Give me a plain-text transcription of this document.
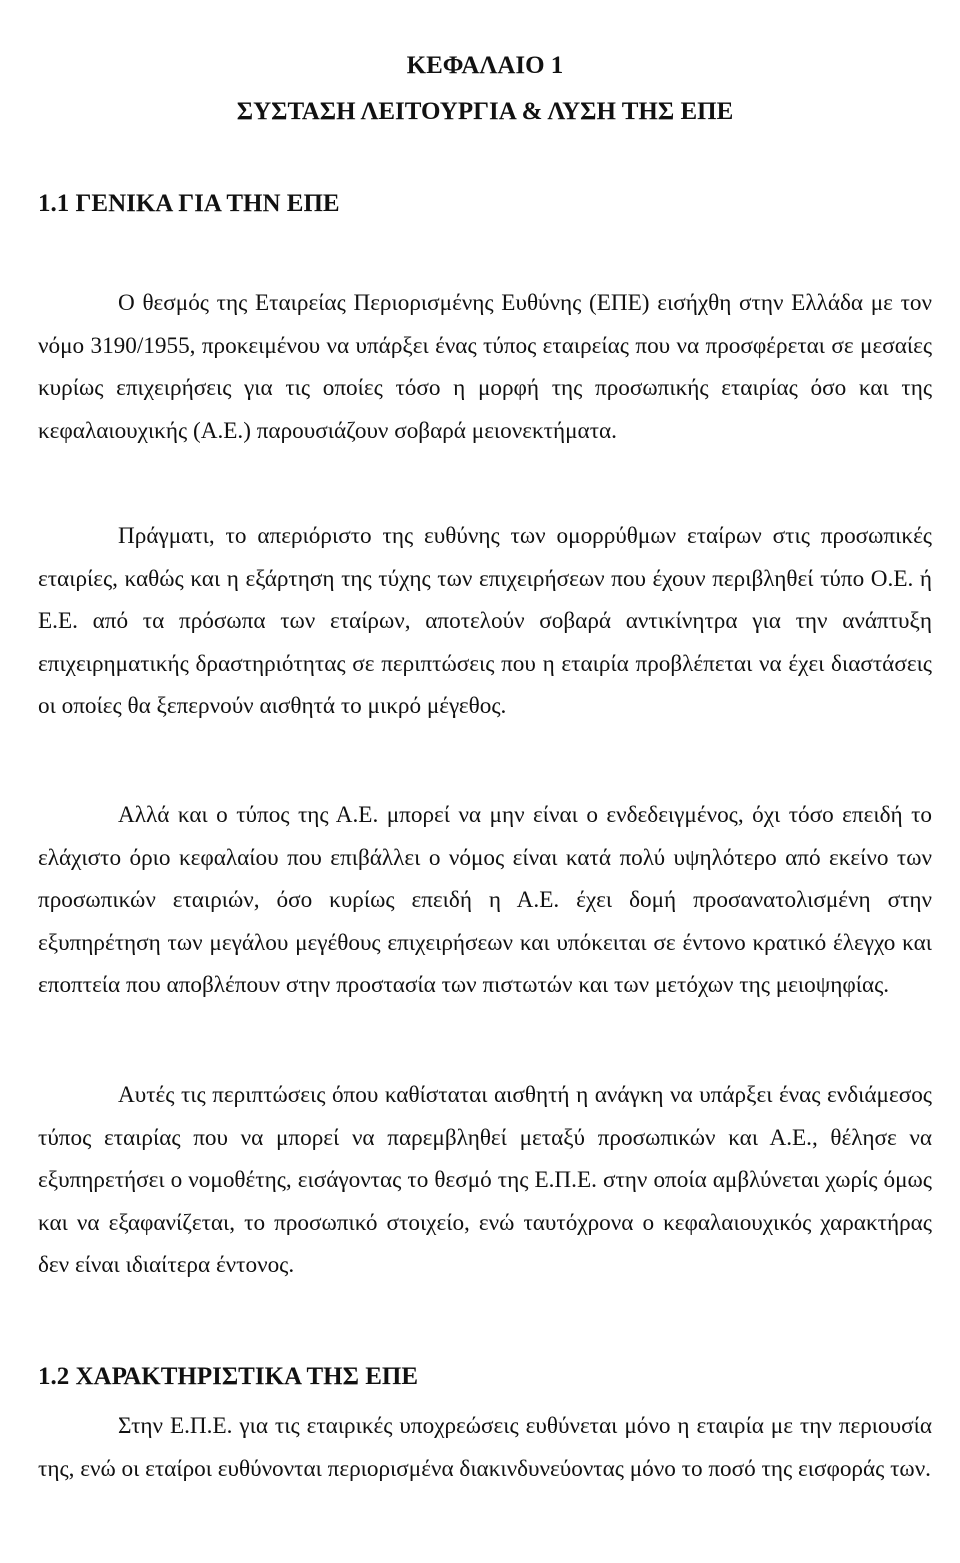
ΚΕΦΑΛΑΙΟ 1
ΣΥΣΤΑΣΗ ΛΕΙΤΟΥΡΓΙΑ & ΛΥΣΗ ΤΗΣ ΕΠΕ
1.1 ΓΕΝΙΚΑ ΓΙΑ ΤΗΝ ΕΠΕ

Ο θεσμός της Εταιρείας Περιορισμένης Ευθύνης (ΕΠΕ) εισήχθη στην Ελλάδα με τον νόμο 3190/1955, προκειμένου να υπάρξει ένας τύπος εταιρείας που να προσφέρεται σε μεσαίες κυρίως επιχειρήσεις για τις οποίες τόσο η μορφή της προσωπικής εταιρίας όσο και της κεφαλαιουχικής (Α.Ε.) παρουσιάζουν σοβαρά μειονεκτήματα.

Πράγματι, το απεριόριστο της ευθύνης των ομορρύθμων εταίρων στις προσωπικές εταιρίες, καθώς και η εξάρτηση της τύχης των επιχειρήσεων που έχουν περιβληθεί τύπο Ο.Ε. ή Ε.Ε. από τα πρόσωπα των εταίρων, αποτελούν σοβαρά αντικίνητρα για την ανάπτυξη επιχειρηματικής δραστηριότητας σε περιπτώσεις που η εταιρία προβλέπεται να έχει διαστάσεις οι οποίες θα ξεπερνούν αισθητά το μικρό μέγεθος.

Αλλά και ο τύπος της Α.Ε. μπορεί να μην είναι ο ενδεδειγμένος, όχι τόσο επειδή το ελάχιστο όριο κεφαλαίου που επιβάλλει ο νόμος είναι κατά πολύ υψηλότερο από εκείνο των προσωπικών εταιριών, όσο κυρίως επειδή η Α.Ε. έχει δομή προσανατολισμένη στην εξυπηρέτηση των μεγάλου μεγέθους επιχειρήσεων και υπόκειται σε έντονο κρατικό έλεγχο και εποπτεία που αποβλέπουν στην προστασία των πιστωτών και των μετόχων της μειοψηφίας.

Αυτές τις περιπτώσεις όπου καθίσταται αισθητή η ανάγκη να υπάρξει ένας ενδιάμεσος τύπος εταιρίας που να μπορεί να παρεμβληθεί μεταξύ προσωπικών και Α.Ε., θέλησε να εξυπηρετήσει ο νομοθέτης, εισάγοντας το θεσμό της Ε.Π.Ε. στην οποία αμβλύνεται χωρίς όμως και να εξαφανίζεται, το προσωπικό στοιχείο, ενώ ταυτόχρονα ο κεφαλαιουχικός χαρακτήρας δεν είναι ιδιαίτερα έντονος.

1.2 ΧΑΡΑΚΤΗΡΙΣΤΙΚΑ ΤΗΣ ΕΠΕ

Στην Ε.Π.Ε. για τις εταιρικές υποχρεώσεις ευθύνεται μόνο η εταιρία με την περιουσία της, ενώ οι εταίροι ευθύνονται περιορισμένα διακινδυνεύοντας μόνο το ποσό της εισφοράς των.
